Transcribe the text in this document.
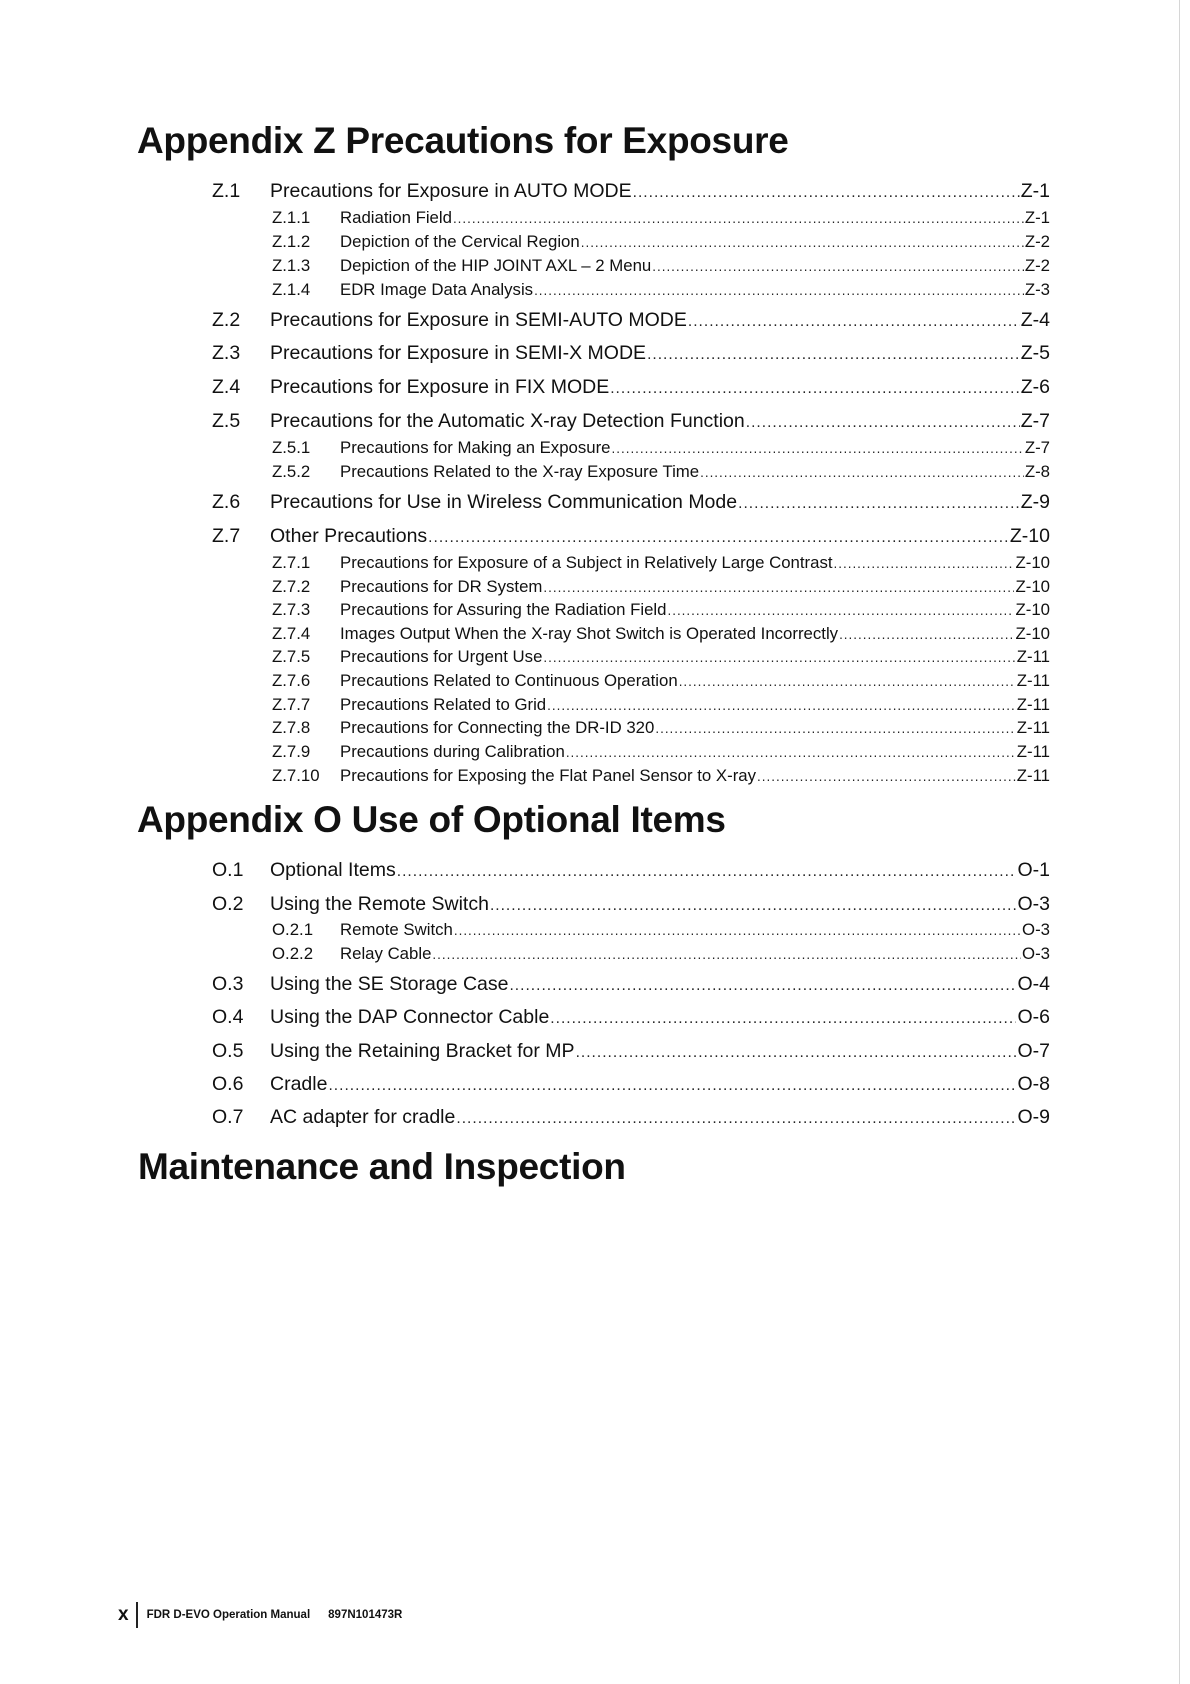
Appendix Z Precautions for Exposure
Z.1	Precautions for Exposure in AUTO MODE .....	Z-1
Z.1.1	Radiation Field .....	Z-1
Z.1.2	Depiction of the Cervical Region .....	Z-2
Z.1.3	Depiction of the HIP JOINT AXL – 2 Menu .....	Z-2
Z.1.4	EDR Image Data Analysis .....	Z-3
Z.2	Precautions for Exposure in SEMI-AUTO MODE .....	Z-4
Z.3	Precautions for Exposure in SEMI-X MODE .....	Z-5
Z.4	Precautions for Exposure in FIX MODE .....	Z-6
Z.5	Precautions for the Automatic X-ray Detection Function .....	Z-7
Z.5.1	Precautions for Making an Exposure .....	Z-7
Z.5.2	Precautions Related to the X-ray Exposure Time .....	Z-8
Z.6	Precautions for Use in Wireless Communication Mode .....	Z-9
Z.7	Other Precautions .....	Z-10
Z.7.1	Precautions for Exposure of a Subject in Relatively Large Contrast .....	Z-10
Z.7.2	Precautions for DR System .....	Z-10
Z.7.3	Precautions for Assuring the Radiation Field .....	Z-10
Z.7.4	Images Output When the X-ray Shot Switch is Operated Incorrectly .....	Z-10
Z.7.5	Precautions for Urgent Use .....	Z-11
Z.7.6	Precautions Related to Continuous Operation .....	Z-11
Z.7.7	Precautions Related to Grid .....	Z-11
Z.7.8	Precautions for Connecting the DR-ID 320 .....	Z-11
Z.7.9	Precautions during Calibration .....	Z-11
Z.7.10	Precautions for Exposing the Flat Panel Sensor to X-ray .....	Z-11
Appendix O Use of Optional Items
O.1	Optional Items .....	O-1
O.2	Using the Remote Switch .....	O-3
O.2.1	Remote Switch .....	O-3
O.2.2	Relay Cable .....	O-3
O.3	Using the SE Storage Case .....	O-4
O.4	Using the DAP Connector Cable .....	O-6
O.5	Using the Retaining Bracket for MP .....	O-7
O.6	Cradle .....	O-8
O.7	AC adapter for cradle .....	O-9
Maintenance and Inspection
x FDR D-EVO Operation Manual 897N101473R
